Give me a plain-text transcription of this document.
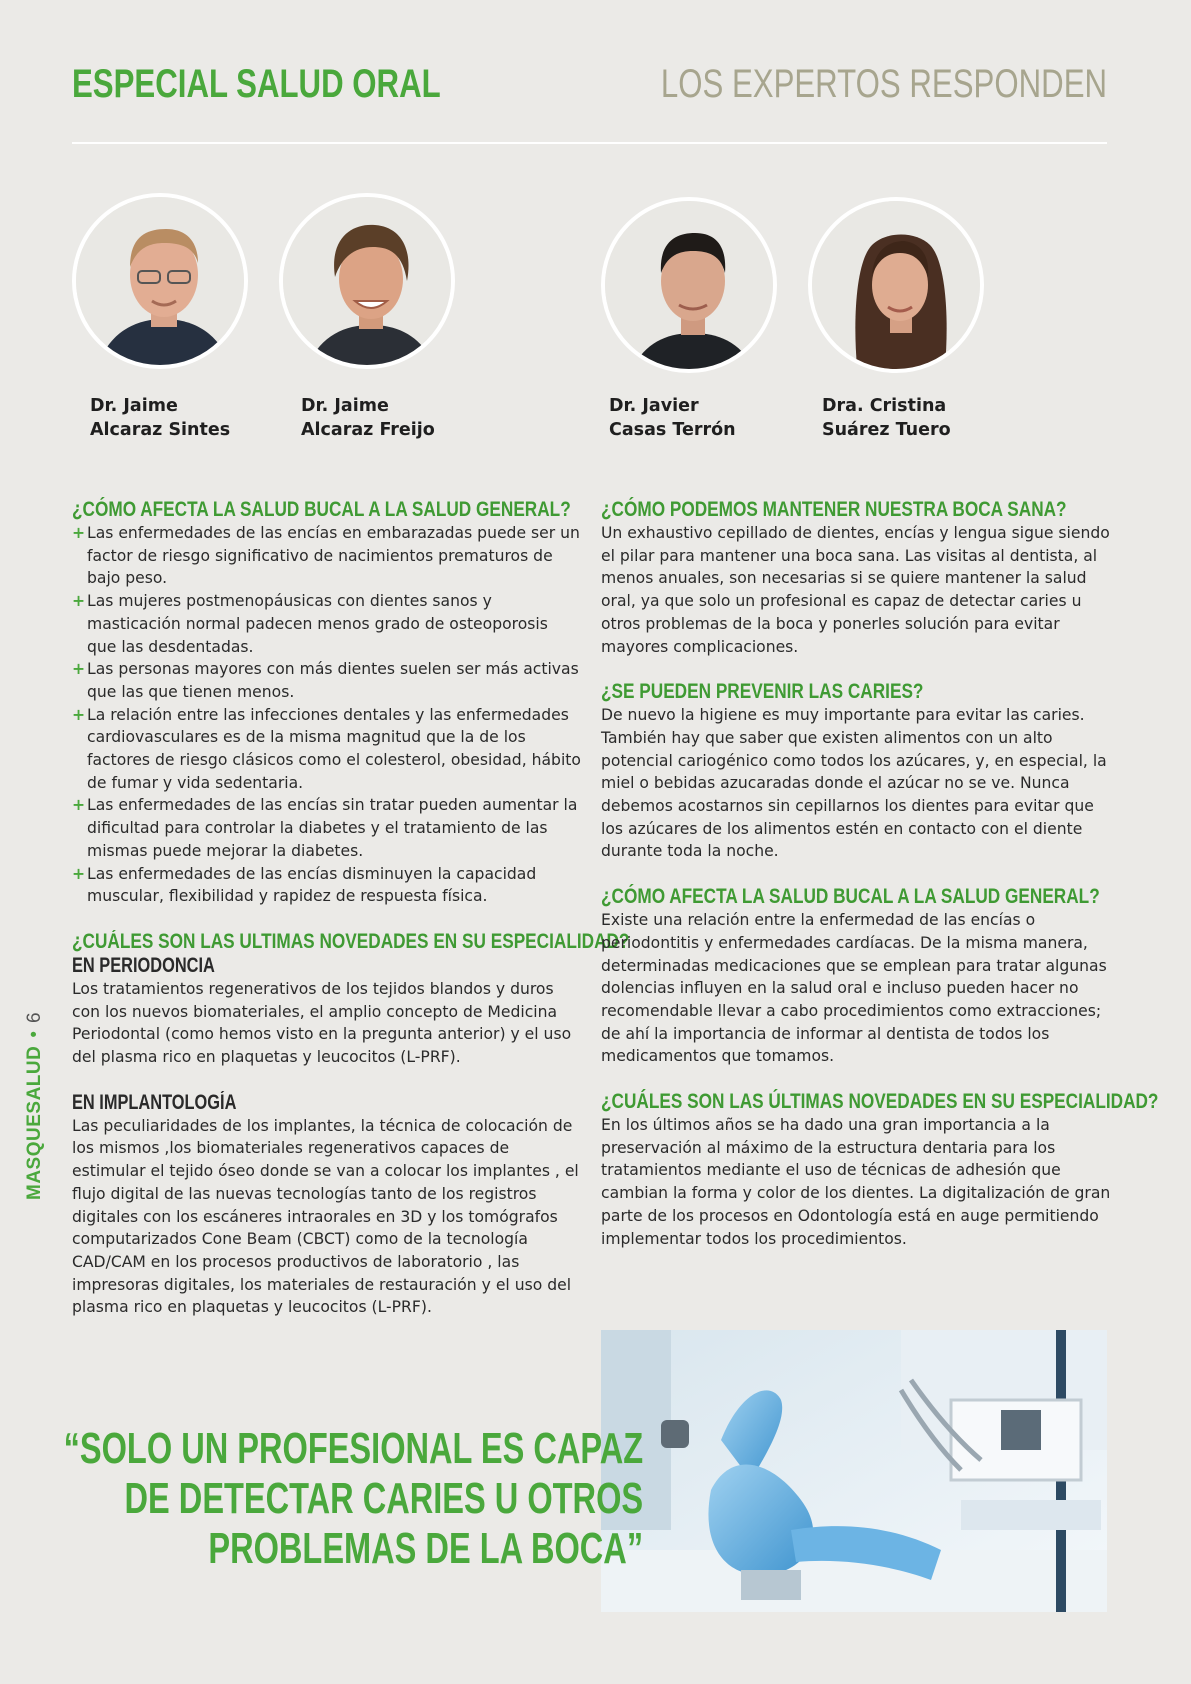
ESPECIAL SALUD ORAL	LOS EXPERTOS RESPONDEN
Dr. Jaime
Alcaraz Sintes
Dr. Jaime
Alcaraz Freijo
Dr. Javier
Casas Terrón
Dra. Cristina
Suárez Tuero
¿CÓMO AFECTA LA SALUD BUCAL A LA SALUD GENERAL?
+ Las enfermedades de las encías en embarazadas puede ser un factor de riesgo significativo de nacimientos prematuros de bajo peso.
+ Las mujeres postmenopáusicas con dientes sanos y masticación normal padecen menos grado de osteoporosis que las desdentadas.
+ Las personas mayores con más dientes suelen ser más activas que las que tienen menos.
+ La relación entre las infecciones dentales y las enfermedades cardiovasculares es de la misma magnitud que la de los factores de riesgo clásicos como el colesterol, obesidad, hábito de fumar y vida sedentaria.
+ Las enfermedades de las encías sin tratar pueden aumentar la dificultad para controlar la diabetes y el tratamiento de las mismas puede mejorar la diabetes.
+ Las enfermedades de las encías disminuyen la capacidad muscular, flexibilidad y rapidez de respuesta física.
¿CUÁLES SON LAS ULTIMAS NOVEDADES EN SU ESPECIALIDAD?
EN PERIODONCIA

Los tratamientos regenerativos de los tejidos blandos y duros con los nuevos biomateriales, el amplio concepto de Medicina Periodontal (como hemos visto en la pregunta anterior) y el uso del plasma rico en plaquetas y leucocitos (L-PRF).

EN IMPLANTOLOGÍA

Las peculiaridades de los implantes, la técnica de colocación de los mismos ,los biomateriales regenerativos capaces de estimular el tejido óseo donde se van a colocar los implantes , el flujo digital de las nuevas tecnologías tanto de los registros digitales con los escáneres intraorales en 3D y los tomógrafos computarizados Cone Beam (CBCT) como de la tecnología CAD/CAM en los procesos productivos de laboratorio , las impresoras digitales, los materiales de restauración y el uso del plasma rico en plaquetas y leucocitos (L-PRF).

¿CÓMO PODEMOS MANTENER NUESTRA BOCA SANA?

Un exhaustivo cepillado de dientes, encías y lengua sigue siendo el pilar para mantener una boca sana. Las visitas al dentista, al menos anuales, son necesarias si se quiere mantener la salud oral, ya que solo un profesional es capaz de detectar caries u otros problemas de la boca y ponerles solución para evitar mayores complicaciones.

¿SE PUEDEN PREVENIR LAS CARIES?

De nuevo la higiene es muy importante para evitar las caries. También hay que saber que existen alimentos con un alto potencial cariogénico como todos los azúcares, y, en especial, la miel o bebidas azucaradas donde el azúcar no se ve. Nunca debemos acostarnos sin cepillarnos los dientes para evitar que los azúcares de los alimentos estén en contacto con el diente durante toda la noche.

¿CÓMO AFECTA LA SALUD BUCAL A LA SALUD GENERAL?

Existe una relación entre la enfermedad de las encías o periodontitis y enfermedades cardíacas. De la misma manera, determinadas medicaciones que se emplean para tratar algunas dolencias influyen en la salud oral e incluso pueden hacer no recomendable llevar a cabo procedimientos como extracciones; de ahí la importancia de informar al dentista de todos los medicamentos que tomamos.

¿CUÁLES SON LAS ÚLTIMAS NOVEDADES EN SU ESPECIALIDAD?

En los últimos años se ha dado una gran importancia a la preservación al máximo de la estructura dentaria para los tratamientos mediante el uso de técnicas de adhesión que cambian la forma y color de los dientes. La digitalización de gran parte de los procesos en Odontología está en auge permitiendo implementar todos los procedimientos.

“SOLO UN PROFESIONAL ES CAPAZ
DE DETECTAR CARIES U OTROS
PROBLEMAS DE LA BOCA”
MASQUESALUD•6
